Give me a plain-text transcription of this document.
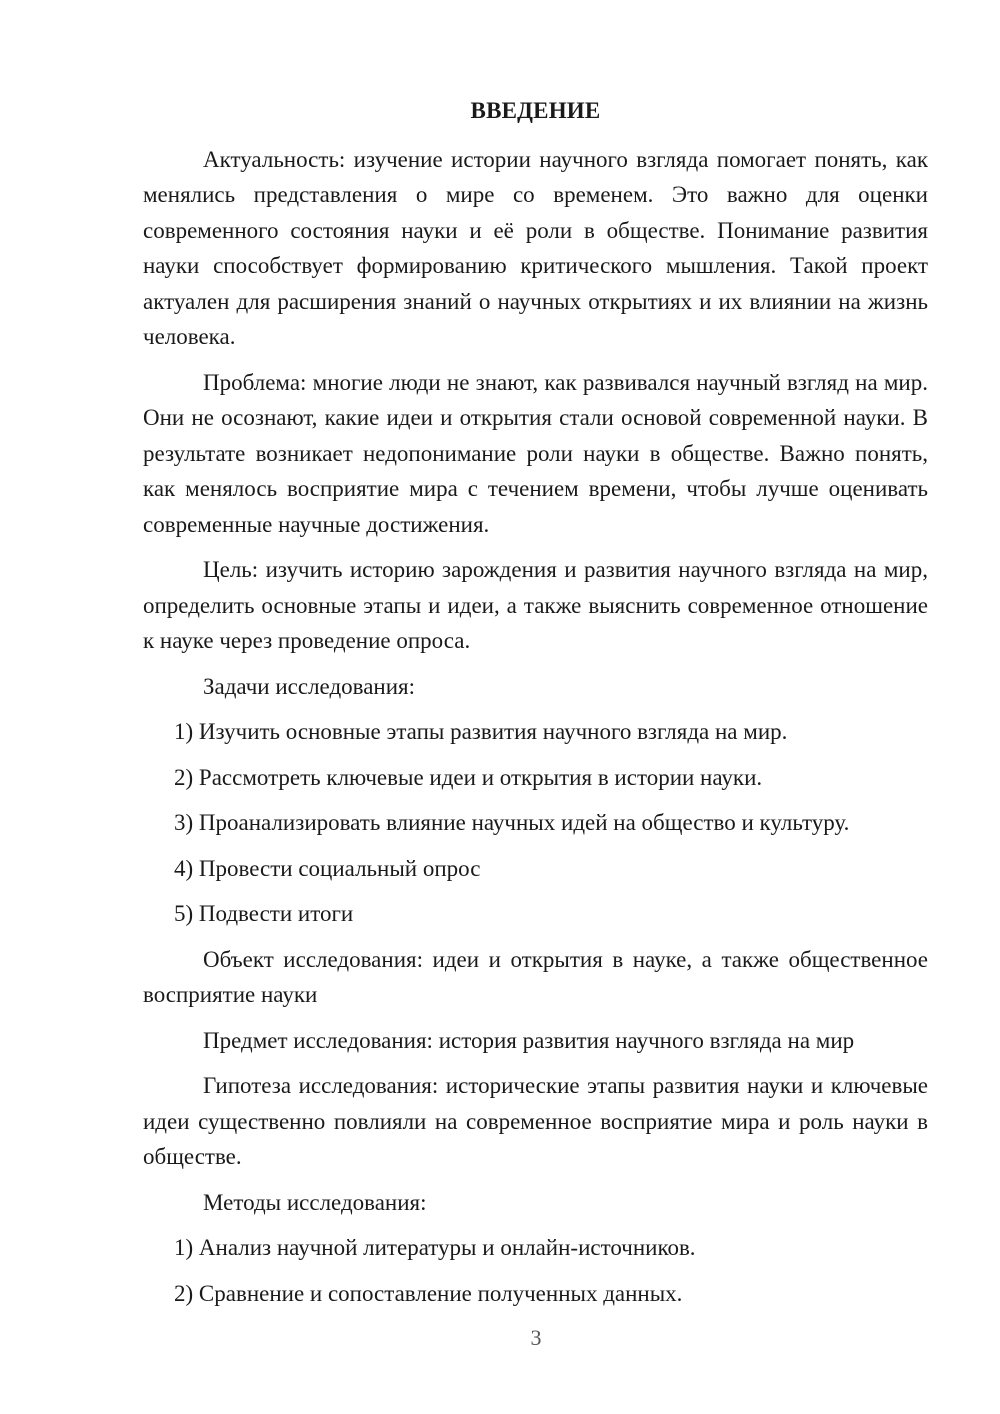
ВВЕДЕНИЕ
Актуальность: изучение истории научного взгляда помогает понять, как менялись представления о мире со временем. Это важно для оценки современного состояния науки и её роли в обществе. Понимание развития науки способствует формированию критического мышления. Такой проект актуален для расширения знаний о научных открытиях и их влиянии на жизнь человека.
Проблема: многие люди не знают, как развивался научный взгляд на мир. Они не осознают, какие идеи и открытия стали основой современной науки. В результате возникает недопонимание роли науки в обществе. Важно понять, как менялось восприятие мира с течением времени, чтобы лучше оценивать современные научные достижения.
Цель: изучить историю зарождения и развития научного взгляда на мир, определить основные этапы и идеи, а также выяснить современное отношение к науке через проведение опроса.
Задачи исследования:
1) Изучить основные этапы развития научного взгляда на мир.
2) Рассмотреть ключевые идеи и открытия в истории науки.
3) Проанализировать влияние научных идей на общество и культуру.
4) Провести социальный опрос
5) Подвести итоги
Объект исследования: идеи и открытия в науке, а также общественное восприятие науки
Предмет исследования: история развития научного взгляда на мир
Гипотеза исследования: исторические этапы развития науки и ключевые идеи существенно повлияли на современное восприятие мира и роль науки в обществе.
Методы исследования:
1) Анализ научной литературы и онлайн-источников.
2) Сравнение и сопоставление полученных данных.
3
